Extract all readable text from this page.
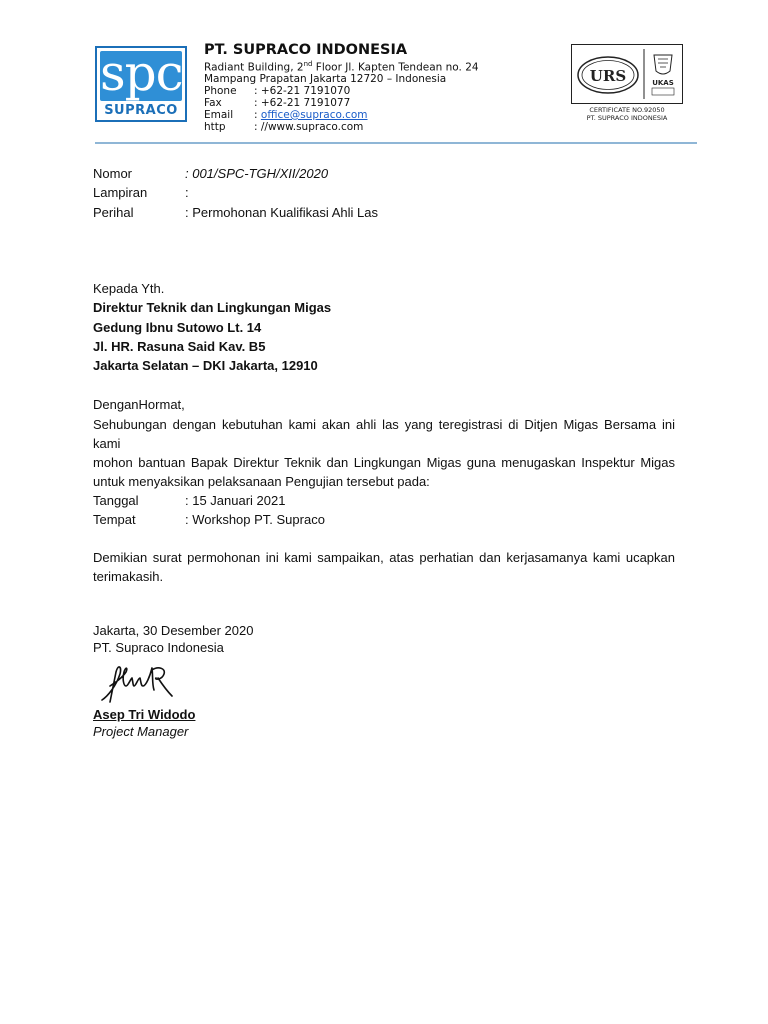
spc
SUPRACO
PT. SUPRACO INDONESIA
Radiant Building, 2nd Floor Jl. Kapten Tendean no. 24
Mampang Prapatan Jakarta 12720 – Indonesia
Phone : +62-21 7191070
Fax	: +62-21 7191077
Email : office@supraco.com
http	: //www.supraco.com
URS	UKAS
CERTIFICATE NO.92050
PT. SUPRACO INDONESIA
Nomor	: 001/SPC-TGH/XII/2020
Lampiran	:
Perihal	: Permohonan Kualifikasi Ahli Las
Kepada Yth.
Direktur Teknik dan Lingkungan Migas
Gedung Ibnu Sutowo Lt. 14
Jl. HR. Rasuna Said Kav. B5
Jakarta Selatan – DKI Jakarta, 12910
DenganHormat,
Sehubungan dengan kebutuhan kami akan ahli las yang teregistrasi di Ditjen Migas Bersama ini kami
mohon bantuan Bapak Direktur Teknik dan Lingkungan Migas guna menugaskan Inspektur Migas
untuk menyaksikan pelaksanaan Pengujian tersebut pada:
Tanggal	: 15 Januari 2021
Tempat	: Workshop PT. Supraco
Demikian surat permohonan ini kami sampaikan, atas perhatian dan kerjasamanya kami ucapkan
terimakasih.
Jakarta, 30 Desember 2020
PT. Supraco Indonesia
Asep Tri Widodo
Project Manager
